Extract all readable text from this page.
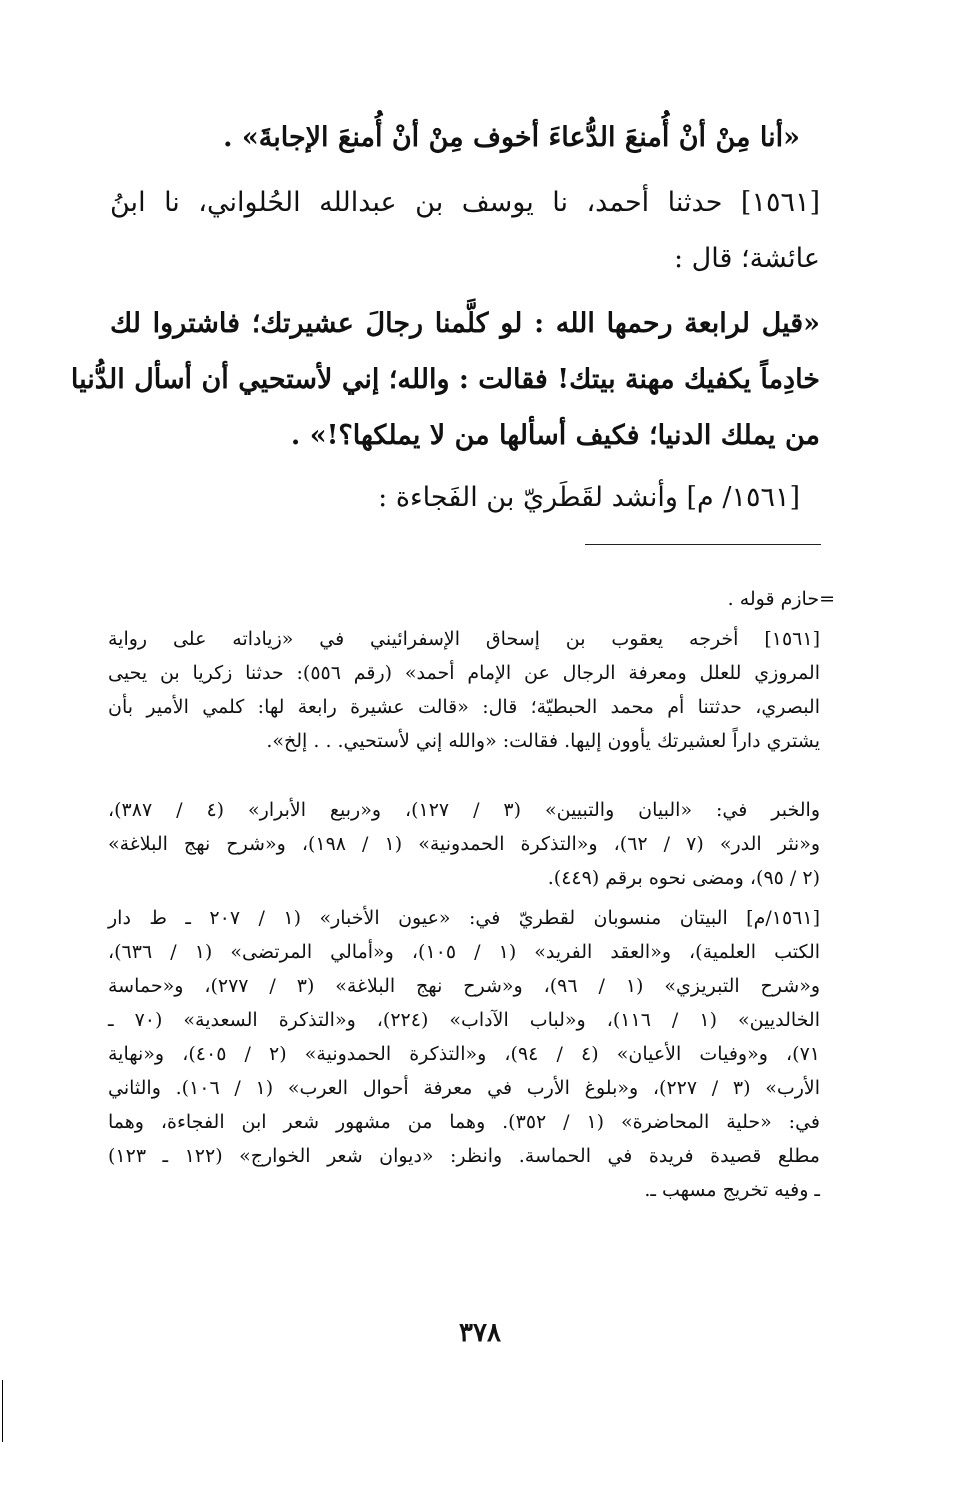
«أنا مِنْ أنْ أُمنعَ الدُّعاءَ أخوف مِنْ أنْ أُمنعَ الإجابةَ» .
[١٥٦١] حدثنا أحمد، نا يوسف بن عبدالله الحُلواني، نا ابنُ
عائشة؛ قال :
«قيل لرابعة رحمها الله : لو كلَّمنا رجالَ عشيرتك؛ فاشتروا لك
خادِماً يكفيك مهنة بيتك! فقالت : والله؛ إني لأستحيي أن أسأل الدُّنيا
من يملك الدنيا؛ فكيف أسألها من لا يملكها؟!» .
[١٥٦١/ م] وأنشد لقَطَريّ بن الفَجاءة :
=حازم قوله .
[١٥٦١] أخرجه يعقوب بن إسحاق الإسفرائيني في «زياداته على رواية
المروزي للعلل ومعرفة الرجال عن الإمام أحمد» (رقم ٥٥٦): حدثنا زكريا بن يحيى
البصري، حدثتنا أم محمد الحبطيّة؛ قال: «قالت عشيرة رابعة لها: كلمي الأمير بأن
يشتري داراً لعشيرتك يأوون إليها. فقالت: «والله إني لأستحيي. . . إلخ».
والخبر في: «البيان والتبيين» (٣ / ١٢٧)، و«ربيع الأبرار» (٤ / ٣٨٧)،
و«نثر الدر» (٧ / ٦٢)، و«التذكرة الحمدونية» (١ / ١٩٨)، و«شرح نهج البلاغة»
(٢ / ٩٥)، ومضى نحوه برقم (٤٤٩).
[١٥٦١/م] البيتان منسوبان لقطريّ في: «عيون الأخبار» (١ / ٢٠٧ ـ ط دار
الكتب العلمية)، و«العقد الفريد» (١ / ١٠٥)، و«أمالي المرتضى» (١ / ٦٣٦)،
و«شرح التبريزي» (١ / ٩٦)، و«شرح نهج البلاغة» (٣ / ٢٧٧)، و«حماسة
الخالديين» (١ / ١١٦)، و«لباب الآداب» (٢٢٤)، و«التذكرة السعدية» (٧٠ ـ
٧١)، و«وفيات الأعيان» (٤ / ٩٤)، و«التذكرة الحمدونية» (٢ / ٤٠٥)، و«نهاية
الأرب» (٣ / ٢٢٧)، و«بلوغ الأرب في معرفة أحوال العرب» (١ / ١٠٦). والثاني
في: «حلية المحاضرة» (١ / ٣٥٢). وهما من مشهور شعر ابن الفجاءة، وهما
مطلع قصيدة فريدة في الحماسة. وانظر: «ديوان شعر الخوارج» (١٢٢ ـ ١٢٣)
ـ وفيه تخريج مسهب ـ.
٣٧٨
